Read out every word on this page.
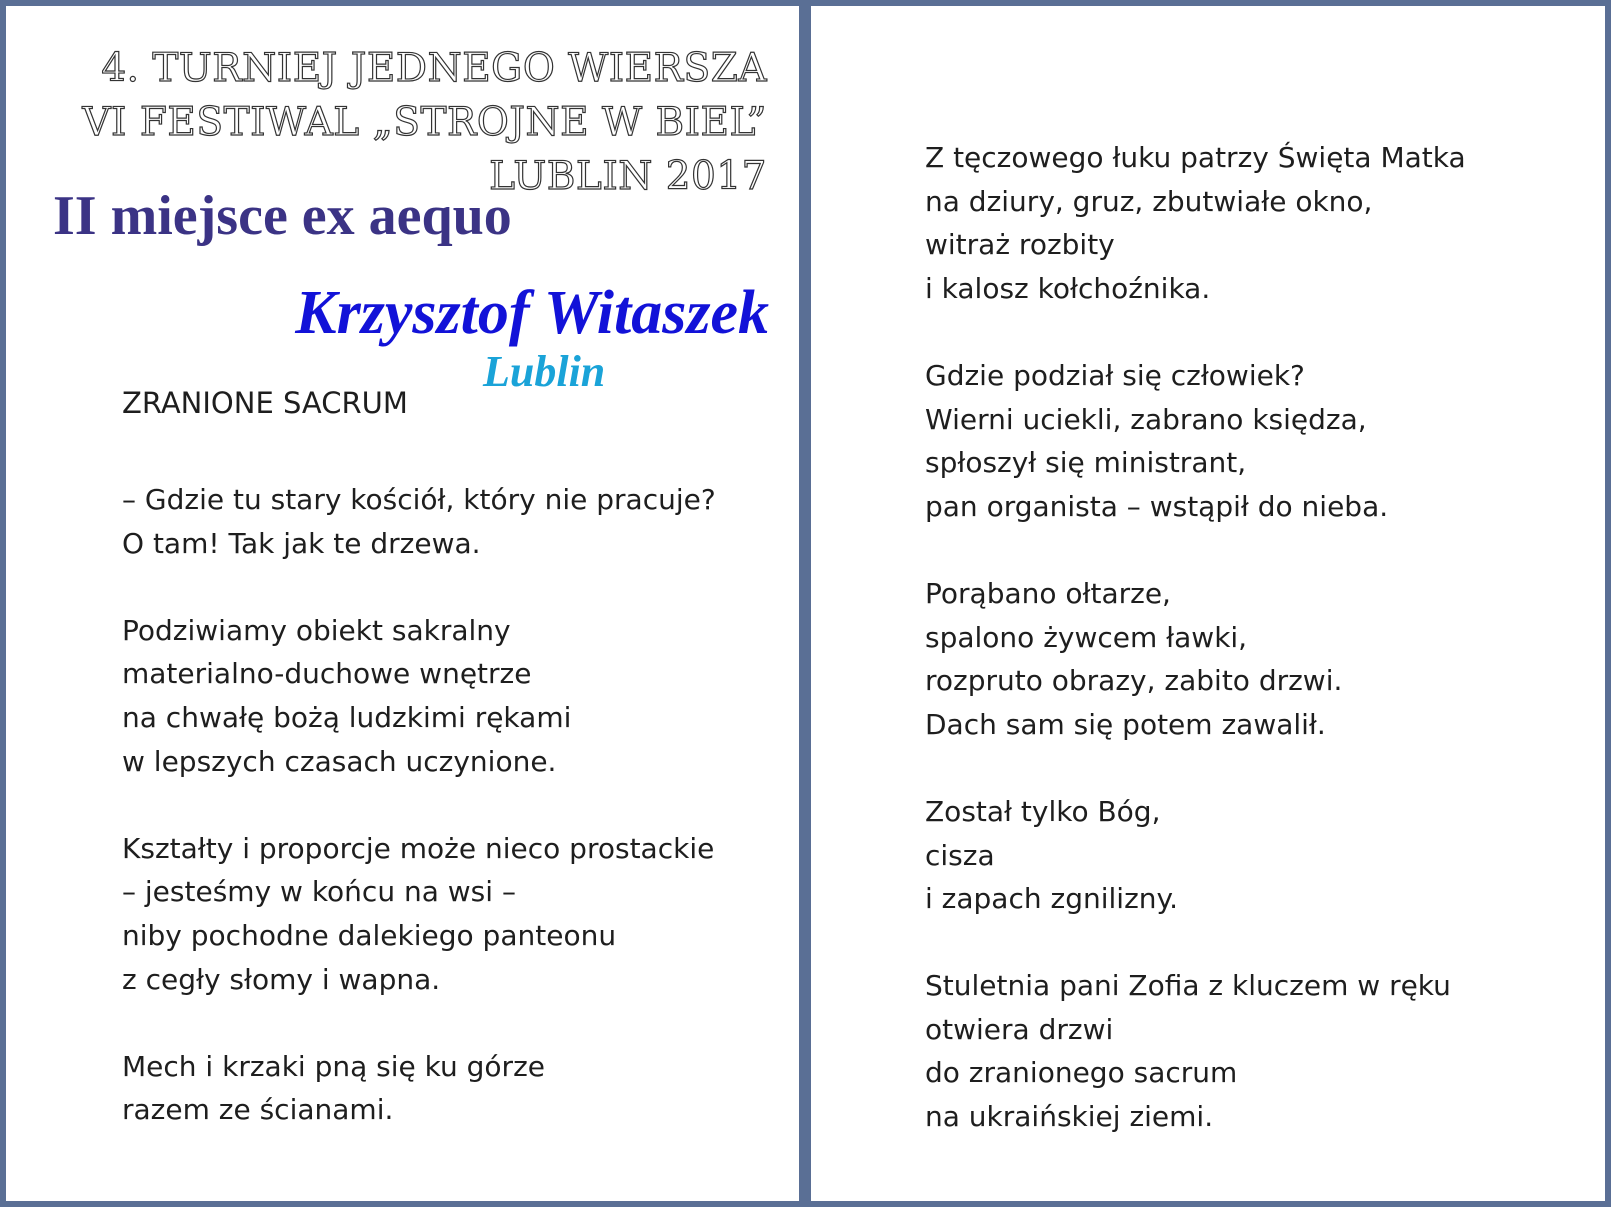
4. TURNIEJ JEDNEGO WIERSZA
VI FESTIWAL „STROJNE W BIEL”
LUBLIN 2017
II miejsce ex aequo
Krzysztof Witaszek
Lublin
ZRANIONE SACRUM
– Gdzie tu stary kościół, który nie pracuje?
O tam! Tak jak te drzewa.
Podziwiamy obiekt sakralny
materialno-duchowe wnętrze
na chwałę bożą ludzkimi rękami
w lepszych czasach uczynione.
Kształty i proporcje może nieco prostackie
– jesteśmy w końcu na wsi –
niby pochodne dalekiego panteonu
z cegły słomy i wapna.
Mech i krzaki pną się ku górze
razem ze ścianami.
Z tęczowego łuku patrzy Święta Matka
na dziury, gruz, zbutwiałe okno,
witraż rozbity
i kalosz kołchoźnika.
Gdzie podział się człowiek?
Wierni uciekli, zabrano księdza,
spłoszył się ministrant,
pan organista – wstąpił do nieba.
Porąbano ołtarze,
spalono żywcem ławki,
rozpruto obrazy, zabito drzwi.
Dach sam się potem zawalił.
Został tylko Bóg,
cisza
i zapach zgnilizny.
Stuletnia pani Zofia z kluczem w ręku
otwiera drzwi
do zranionego sacrum
na ukraińskiej ziemi.
